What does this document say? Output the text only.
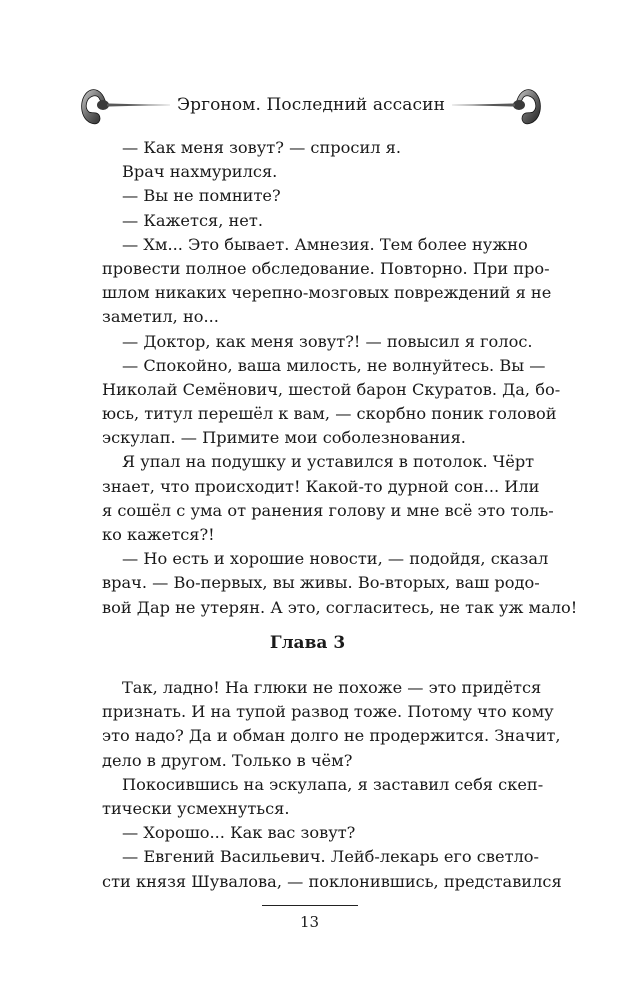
Эргоном. Последний ассасин
— Как меня зовут? — спросил я.
Врач нахмурился.
— Вы не помните?
— Кажется, нет.
— Хм... Это бывает. Амнезия. Тем более нужно
провести полное обследование. Повторно. При про-
шлом никаких черепно-мозговых повреждений я не
заметил, но...
— Доктор, как меня зовут?! — повысил я голос.
— Спокойно, ваша милость, не волнуйтесь. Вы —
Николай Семёнович, шестой барон Скуратов. Да, бо-
юсь, титул перешёл к вам, — скорбно поник головой
эскулап. — Примите мои соболезнования.
Я упал на подушку и уставился в потолок. Чёрт
знает, что происходит! Какой-то дурной сон... Или
я сошёл с ума от ранения голову и мне всё это толь-
ко кажется?!
— Но есть и хорошие новости, — подойдя, сказал
врач. — Во-первых, вы живы. Во-вторых, ваш родо-
вой Дар не утерян. А это, согласитесь, не так уж мало!
Глава 3
Так, ладно! На глюки не похоже — это придётся
признать. И на тупой развод тоже. Потому что кому
это надо? Да и обман долго не продержится. Значит,
дело в другом. Только в чём?
Покосившись на эскулапа, я заставил себя скеп-
тически усмехнуться.
— Хорошо... Как вас зовут?
— Евгений Васильевич. Лейб-лекарь его светло-
сти князя Шувалова, — поклонившись, представился
13
